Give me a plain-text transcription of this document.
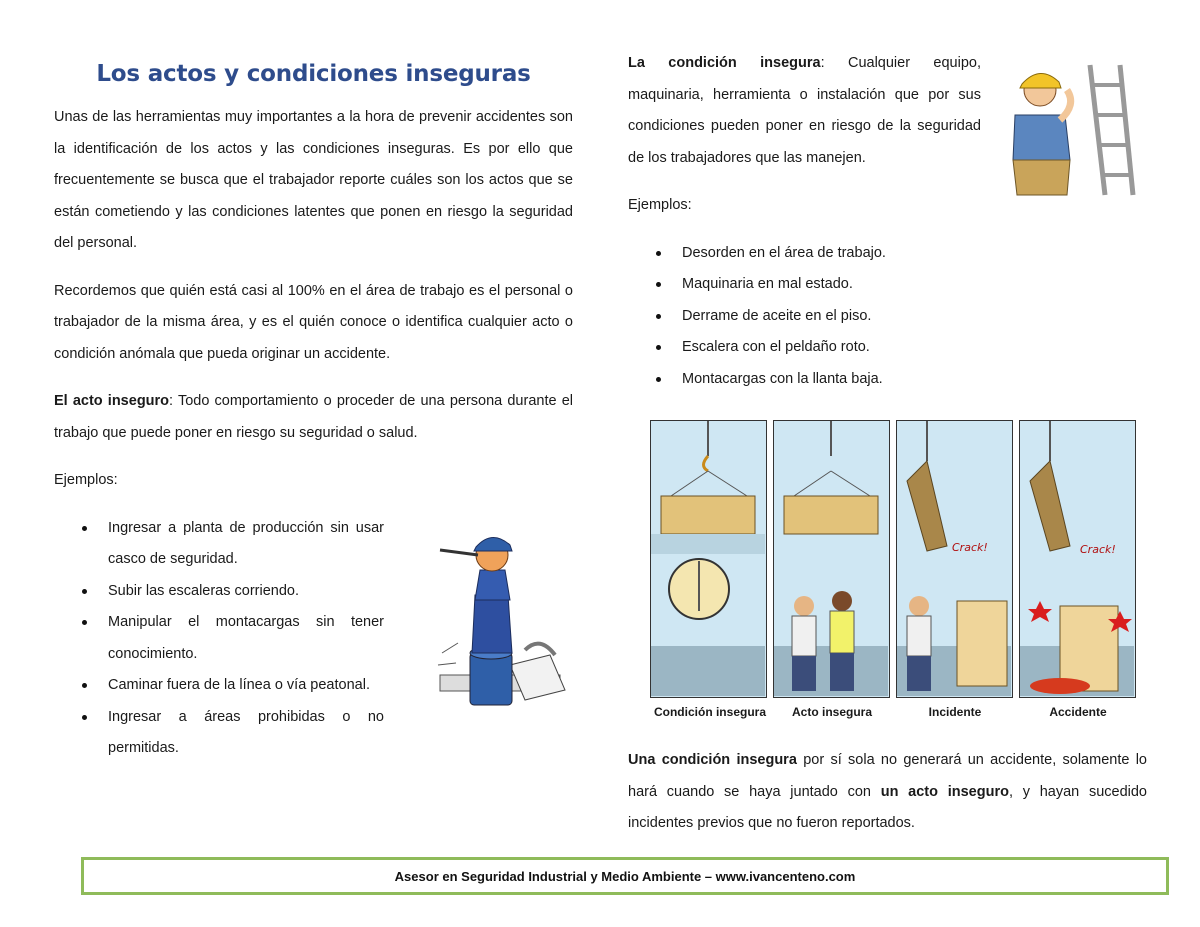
Los actos y condiciones inseguras

Unas de las herramientas muy importantes a la hora de prevenir accidentes son la identificación de los actos y las condiciones inseguras. Es por ello que frecuentemente se busca que el trabajador reporte cuáles son los actos que se están cometiendo y las condiciones latentes que ponen en riesgo la seguridad del personal.

Recordemos que quién está casi al 100% en el área de trabajo es el personal o trabajador de la misma área, y es el quién conoce o identifica cualquier acto o condición anómala que pueda originar un accidente.

El acto inseguro: Todo comportamiento o proceder de una persona durante el trabajo que puede poner en riesgo su seguridad o salud.

Ejemplos:

Ingresar a planta de producción sin usar casco de seguridad.
Subir las escaleras corriendo.
Manipular el montacargas sin tener conocimiento.
Caminar fuera de la línea o vía peatonal.
Ingresar a áreas prohibidas o no permitidas.

La condición insegura: Cualquier equipo, maquinaria, herramienta o instalación que por sus condiciones pueden poner en riesgo de la seguridad de los trabajadores que las manejen.

Ejemplos:

Desorden en el área de trabajo.
Maquinaria en mal estado.
Derrame de aceite en el piso.
Escalera con el peldaño roto.
Montacargas con la llanta baja.
Crack!	Crack!
Condición insegura	Acto insegura	Incidente	Accidente

Una condición insegura por sí sola no generará un accidente, solamente lo hará cuando se haya juntado con un acto inseguro, y hayan sucedido incidentes previos que no fueron reportados.

Asesor en Seguridad Industrial y Medio Ambiente – www.ivancenteno.com
